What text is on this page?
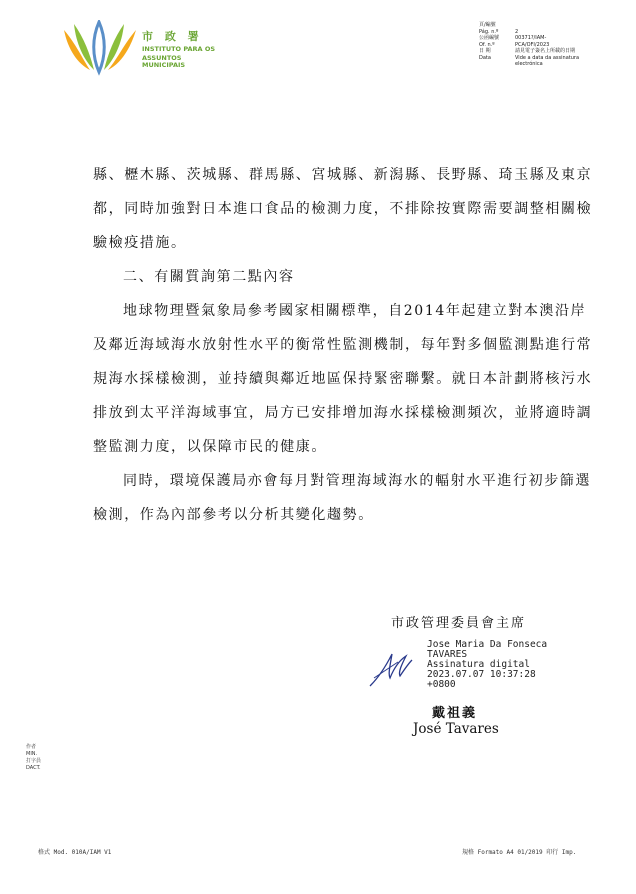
市 政 署
INSTITUTO PARA OS
ASSUNTOS MUNICIPAIS
頁/編號
Pág. n.º	2
公函編號	00371?/IAM-
Of. n.º	PCA/OFI/2023
日 期	請見電子簽名上所載的日期
Data	Vide a data da assinatura electrónica

縣、櫪木縣、茨城縣、群馬縣、宮城縣、新潟縣、長野縣、琦玉縣及東京都，同時加強對日本進口食品的檢測力度，不排除按實際需要調整相關檢驗檢疫措施。

二、有關質詢第二點內容

地球物理暨氣象局參考國家相關標準，自2014年起建立對本澳沿岸及鄰近海域海水放射性水平的衡常性監測機制，每年對多個監測點進行常規海水採樣檢測，並持續與鄰近地區保持緊密聯繫。就日本計劃將核污水排放到太平洋海域事宜，局方已安排增加海水採樣檢測頻次，並將適時調整監測力度，以保障市民的健康。

同時，環境保護局亦會每月對管理海域海水的輻射水平進行初步篩選檢測，作為內部參考以分析其變化趨勢。

市政管理委員會主席
Jose Maria Da Fonseca
TAVARES
Assinatura digital
2023.07.07 10:37:28
+0800
戴祖義
José Tavares
作者
MIN.
打字員
DACT.
格式 Mod. 010A/IAM V1	規格 Formato A4 01/2019 印行 Imp.
